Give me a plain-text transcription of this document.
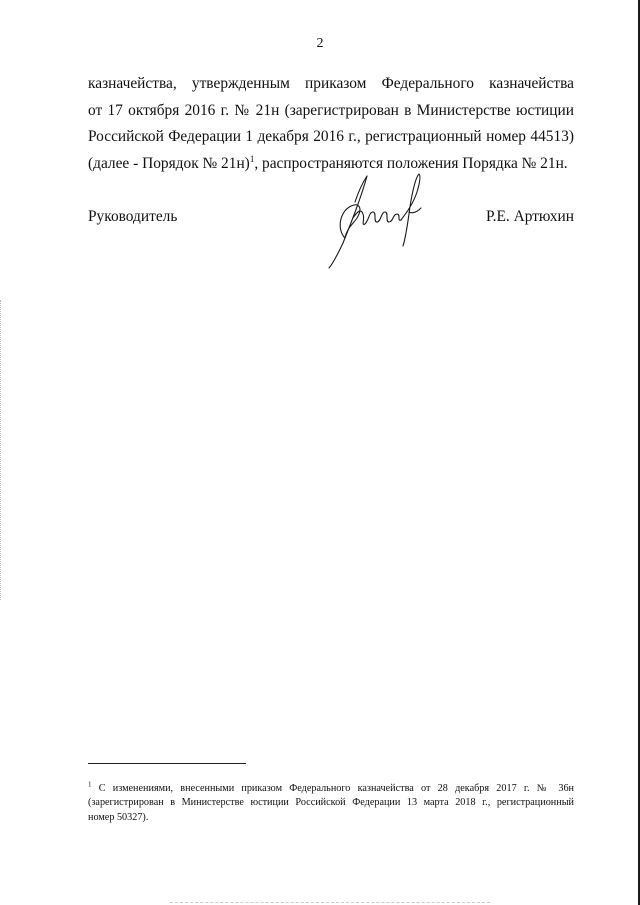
2
казначейства, утвержденным приказом Федерального казначейства
от 17 октября 2016 г. № 21н (зарегистрирован в Министерстве юстиции
Российской Федерации 1 декабря 2016 г., регистрационный номер 44513)
(далее - Порядок № 21н)$^1$, распространяются положения Порядка № 21н.
Руководитель	Р.Е. Артюхин
$^1$ С изменениями, внесенными приказом Федерального казначейства от 28 декабря 2017 г. № 36н
(зарегистрирован в Министерстве юстиции Российской Федерации 13 марта 2018 г., регистрационный
номер 50327).
